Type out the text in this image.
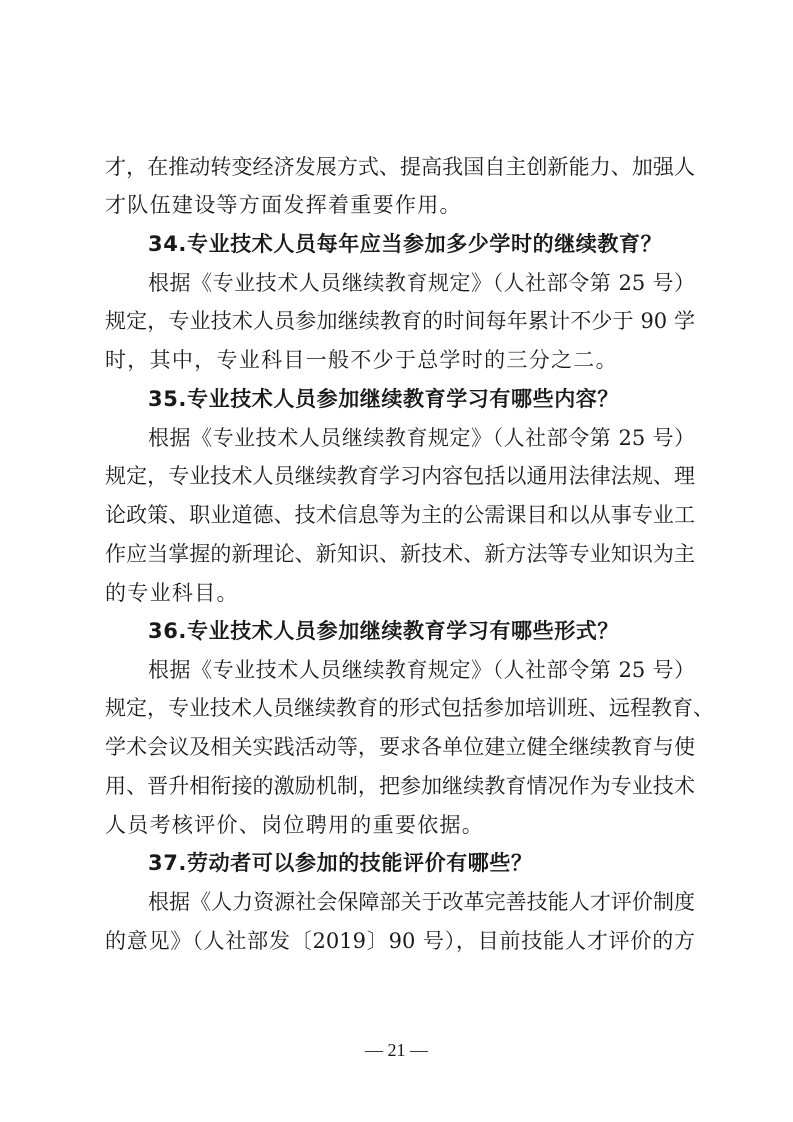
才，在推动转变经济发展方式、提高我国自主创新能力、加强人
才队伍建设等方面发挥着重要作用。
34.专业技术人员每年应当参加多少学时的继续教育？
根据《专业技术人员继续教育规定》（人社部令第 25 号）
规定，专业技术人员参加继续教育的时间每年累计不少于 90 学
时，其中，专业科目一般不少于总学时的三分之二。
35.专业技术人员参加继续教育学习有哪些内容？
根据《专业技术人员继续教育规定》（人社部令第 25 号）
规定，专业技术人员继续教育学习内容包括以通用法律法规、理
论政策、职业道德、技术信息等为主的公需课目和以从事专业工
作应当掌握的新理论、新知识、新技术、新方法等专业知识为主
的专业科目。
36.专业技术人员参加继续教育学习有哪些形式？
根据《专业技术人员继续教育规定》（人社部令第 25 号）
规定，专业技术人员继续教育的形式包括参加培训班、远程教育、
学术会议及相关实践活动等，要求各单位建立健全继续教育与使
用、晋升相衔接的激励机制，把参加继续教育情况作为专业技术
人员考核评价、岗位聘用的重要依据。
37.劳动者可以参加的技能评价有哪些？
根据《人力资源社会保障部关于改革完善技能人才评价制度
的意见》（人社部发〔2019〕90 号），目前技能人才评价的方
— 21 —
